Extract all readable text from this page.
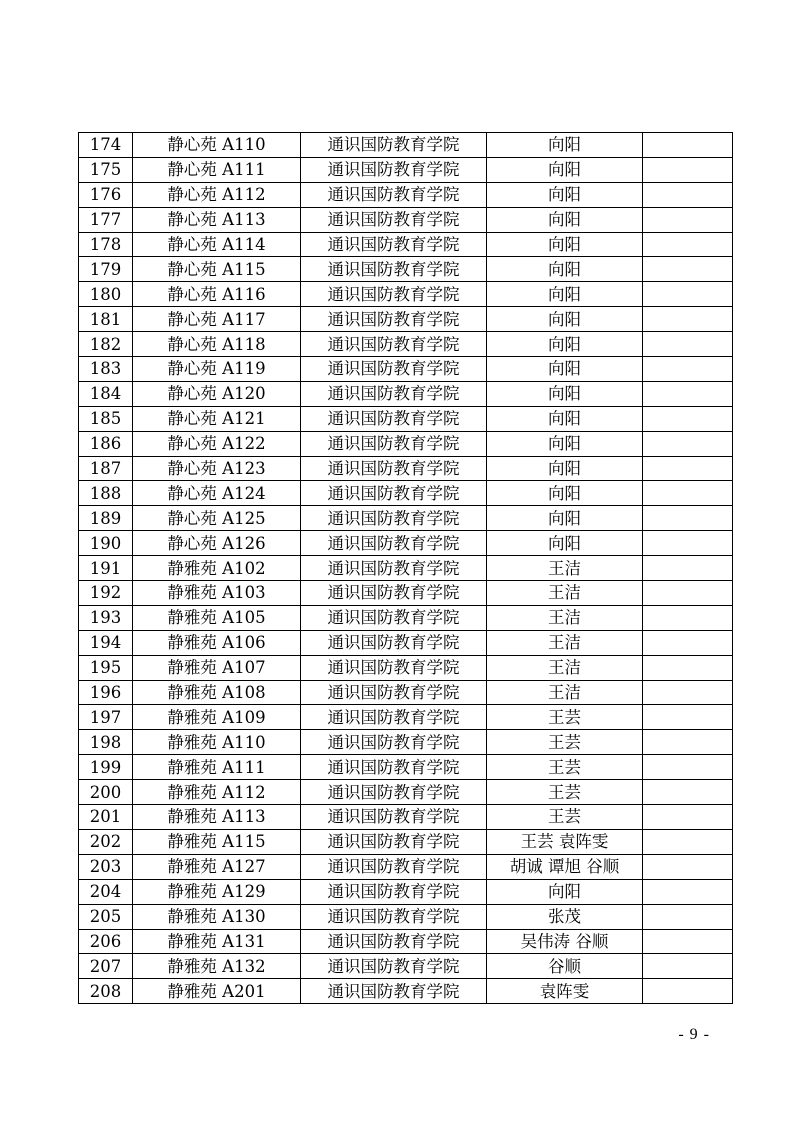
174	静心苑 A110	通识国防教育学院	向阳	
175	静心苑 A111	通识国防教育学院	向阳	
176	静心苑 A112	通识国防教育学院	向阳	
177	静心苑 A113	通识国防教育学院	向阳	
178	静心苑 A114	通识国防教育学院	向阳	
179	静心苑 A115	通识国防教育学院	向阳	
180	静心苑 A116	通识国防教育学院	向阳	
181	静心苑 A117	通识国防教育学院	向阳	
182	静心苑 A118	通识国防教育学院	向阳	
183	静心苑 A119	通识国防教育学院	向阳	
184	静心苑 A120	通识国防教育学院	向阳	
185	静心苑 A121	通识国防教育学院	向阳	
186	静心苑 A122	通识国防教育学院	向阳	
187	静心苑 A123	通识国防教育学院	向阳	
188	静心苑 A124	通识国防教育学院	向阳	
189	静心苑 A125	通识国防教育学院	向阳	
190	静心苑 A126	通识国防教育学院	向阳	
191	静雅苑 A102	通识国防教育学院	王洁	
192	静雅苑 A103	通识国防教育学院	王洁	
193	静雅苑 A105	通识国防教育学院	王洁	
194	静雅苑 A106	通识国防教育学院	王洁	
195	静雅苑 A107	通识国防教育学院	王洁	
196	静雅苑 A108	通识国防教育学院	王洁	
197	静雅苑 A109	通识国防教育学院	王芸	
198	静雅苑 A110	通识国防教育学院	王芸	
199	静雅苑 A111	通识国防教育学院	王芸	
200	静雅苑 A112	通识国防教育学院	王芸	
201	静雅苑 A113	通识国防教育学院	王芸	
202	静雅苑 A115	通识国防教育学院	王芸 袁阵雯	
203	静雅苑 A127	通识国防教育学院	胡诚 谭旭 谷顺	
204	静雅苑 A129	通识国防教育学院	向阳	
205	静雅苑 A130	通识国防教育学院	张茂	
206	静雅苑 A131	通识国防教育学院	吴伟涛 谷顺	
207	静雅苑 A132	通识国防教育学院	谷顺	
208	静雅苑 A201	通识国防教育学院	袁阵雯	
- 9 -
